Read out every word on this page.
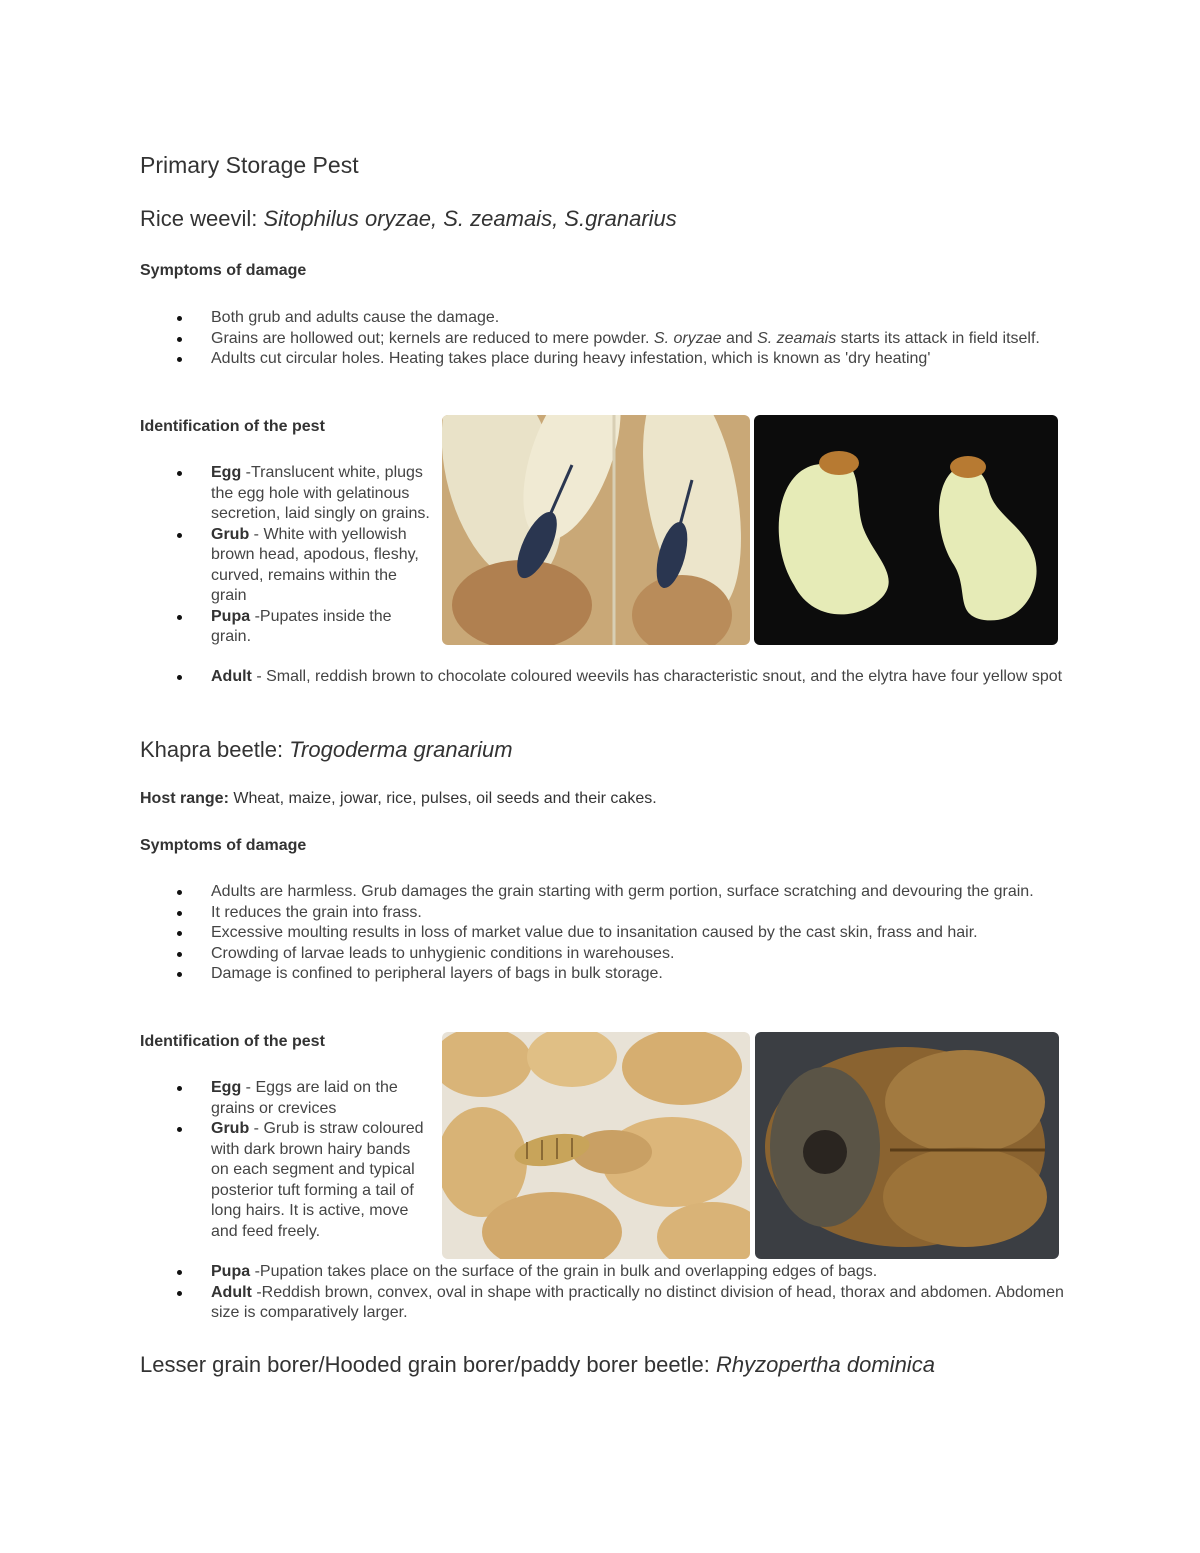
Primary Storage Pest
Rice weevil: Sitophilus oryzae, S. zeamais, S.granarius

Symptoms of damage

Both grub and adults cause the damage.
Grains are hollowed out; kernels are reduced to mere powder. S. oryzae and S. zeamais starts its attack in field itself.
Adults cut circular holes. Heating takes place during heavy infestation, which is known as 'dry heating'

Identification of the pest

Egg -Translucent white, plugs the egg hole with gelatinous secretion, laid singly on grains.
Grub - White with yellowish brown head, apodous, fleshy, curved, remains within the grain
Pupa -Pupates inside the grain.
Adult - Small, reddish brown to chocolate coloured weevils has characteristic snout, and the elytra have four yellow spot
Khapra beetle: Trogoderma granarium

Host range: Wheat, maize, jowar, rice, pulses, oil seeds and their cakes.

Symptoms of damage

Adults are harmless. Grub damages the grain starting with germ portion, surface scratching and devouring the grain.
It reduces the grain into frass.
Excessive moulting results in loss of market value due to insanitation caused by the cast skin, frass and hair.
Crowding of larvae leads to unhygienic conditions in warehouses.
Damage is confined to peripheral layers of bags in bulk storage.

Identification of the pest

Egg - Eggs are laid on the grains or crevices
Grub - Grub is straw coloured with dark brown hairy bands on each segment and typical posterior tuft forming a tail of long hairs. It is active, move and feed freely.
Pupa -Pupation takes place on the surface of the grain in bulk and overlapping edges of bags.
Adult -Reddish brown, convex, oval in shape with practically no distinct division of head, thorax and abdomen. Abdomen size is comparatively larger.
Lesser grain borer/Hooded grain borer/paddy borer beetle: Rhyzopertha dominica
